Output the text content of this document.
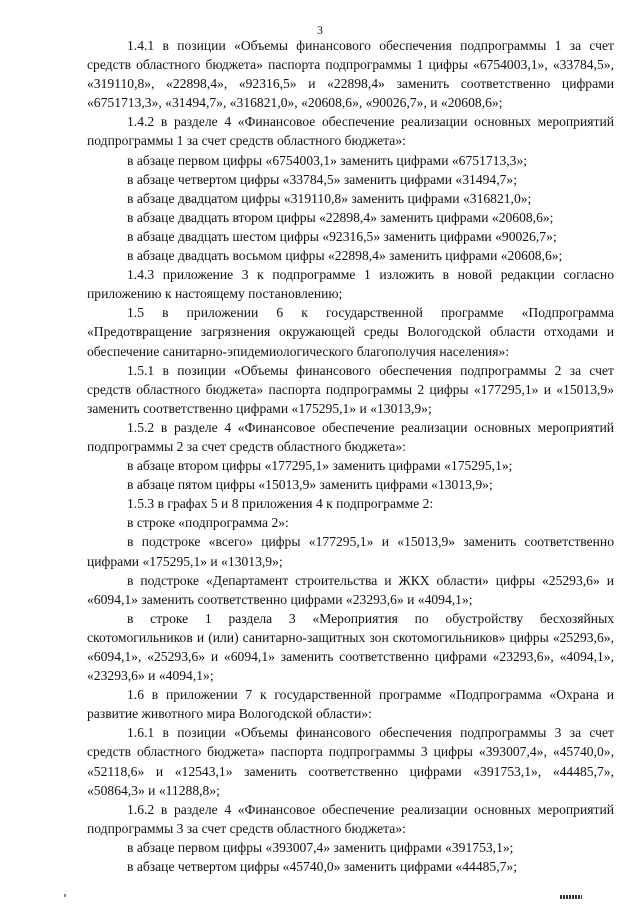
3

1.4.1 в позиции «Объемы финансового обеспечения подпрограммы 1 за счет средств областного бюджета» паспорта подпрограммы 1 цифры «6754003,1», «33784,5», «319110,8», «22898,4», «92316,5» и «22898,4» заменить соответственно цифрами «6751713,3», «31494,7», «316821,0», «20608,6», «90026,7», и «20608,6»;

1.4.2 в разделе 4 «Финансовое обеспечение реализации основных мероприятий подпрограммы 1 за счет средств областного бюджета»:

в абзаце первом цифры «6754003,1» заменить цифрами «6751713,3»;

в абзаце четвертом цифры «33784,5» заменить цифрами «31494,7»;

в абзаце двадцатом цифры «319110,8» заменить цифрами «316821,0»;

в абзаце двадцать втором цифры «22898,4» заменить цифрами «20608,6»;

в абзаце двадцать шестом цифры «92316,5» заменить цифрами «90026,7»;

в абзаце двадцать восьмом цифры «22898,4» заменить цифрами «20608,6»;

1.4.3 приложение 3 к подпрограмме 1 изложить в новой редакции согласно приложению к настоящему постановлению;

1.5 в приложении 6 к государственной программе «Подпрограмма «Предотвращение загрязнения окружающей среды Вологодской области отходами и обеспечение санитарно-эпидемиологического благополучия населения»:

1.5.1 в позиции «Объемы финансового обеспечения подпрограммы 2 за счет средств областного бюджета» паспорта подпрограммы 2 цифры «177295,1» и «15013,9» заменить соответственно цифрами «175295,1» и «13013,9»;

1.5.2 в разделе 4 «Финансовое обеспечение реализации основных мероприятий подпрограммы 2 за счет средств областного бюджета»:

в абзаце втором цифры «177295,1» заменить цифрами «175295,1»;

в абзаце пятом цифры «15013,9» заменить цифрами «13013,9»;

1.5.3 в графах 5 и 8 приложения 4 к подпрограмме 2:

в строке «подпрограмма 2»:

в подстроке «всего» цифры «177295,1» и «15013,9» заменить соответственно цифрами «175295,1» и «13013,9»;

в подстроке «Департамент строительства и ЖКХ области» цифры «25293,6» и «6094,1» заменить соответственно цифрами «23293,6» и «4094,1»;

в строке 1 раздела 3 «Мероприятия по обустройству бесхозяйных скотомогильников и (или) санитарно-защитных зон скотомогильников» цифры «25293,6», «6094,1», «25293,6» и «6094,1» заменить соответственно цифрами «23293,6», «4094,1», «23293,6» и «4094,1»;

1.6 в приложении 7 к государственной программе «Подпрограмма «Охрана и развитие животного мира Вологодской области»:

1.6.1 в позиции «Объемы финансового обеспечения подпрограммы 3 за счет средств областного бюджета» паспорта подпрограммы 3 цифры «393007,4», «45740,0», «52118,6» и «12543,1» заменить соответственно цифрами «391753,1», «44485,7», «50864,3» и «11288,8»;

1.6.2 в разделе 4 «Финансовое обеспечение реализации основных мероприятий подпрограммы 3 за счет средств областного бюджета»:

в абзаце первом цифры «393007,4» заменить цифрами «391753,1»;

в абзаце четвертом цифры «45740,0» заменить цифрами «44485,7»;
